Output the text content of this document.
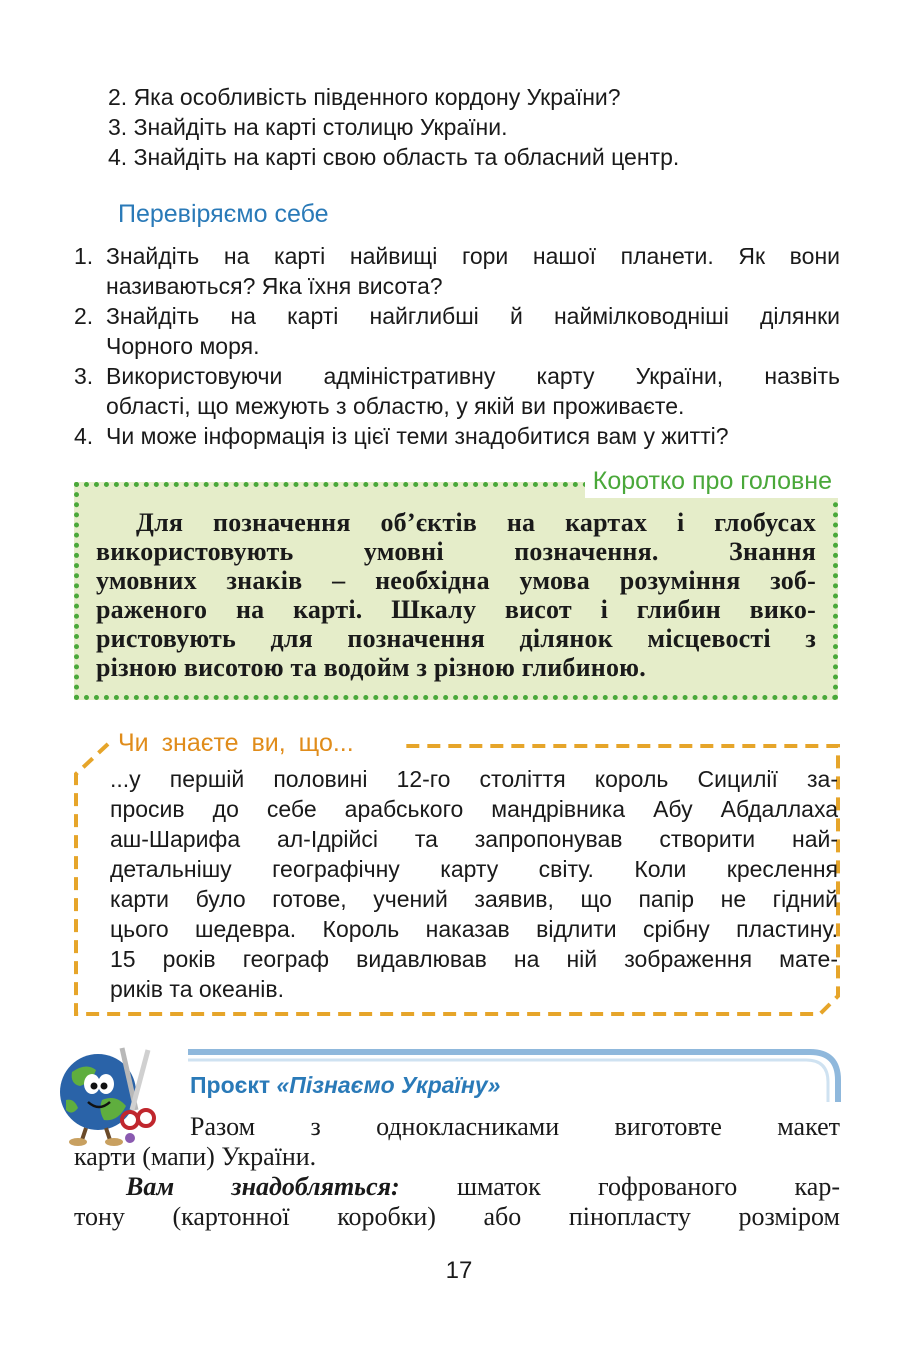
2. Яка особливість південного кордону України?
3. Знайдіть на карті столицю України.
4. Знайдіть на карті свою область та обласний центр.
Перевіряємо себе
1. Знайдіть на карті найвищі гори нашої планети. Як вони
називаються? Яка їхня висота?
2. Знайдіть на карті найглибші й наймілководніші ділянки
Чорного моря.
3. Використовуючи адміністративну карту України, назвіть
області, що межують з областю, у якій ви проживаєте.
4. Чи може інформація із цієї теми знадобитися вам у житті?
Коротко про головне
Для позначення об’єктів на картах і глобусах
використовують умовні позначення. Знання
умовних знаків – необхідна умова розуміння зоб-
раженого на карті. Шкалу висот і глибин вико-
ристовують для позначення ділянок місцевості з
різною висотою та водойм з різною глибиною.
Чи знаєте ви, що...
...у першій половині 12-го століття король Сицилії за-
просив до себе арабського мандрівника Абу Абдаллаха
аш-Шарифа ал-Ідрійсі та запропонував створити най-
детальнішу географічну карту світу. Коли креслення
карти було готове, учений заявив, що папір не гідний
цього шедевра. Король наказав відлити срібну пластину.
15 років географ видавлював на ній зображення мате-
риків та океанів.
Проєкт «Пізнаємо Україну»
Разом з однокласниками виготовте макет
карти (мапи) України.
Вам знадобляться: шматок гофрованого кар-
тону (картонної коробки) або пінопласту розміром
17
